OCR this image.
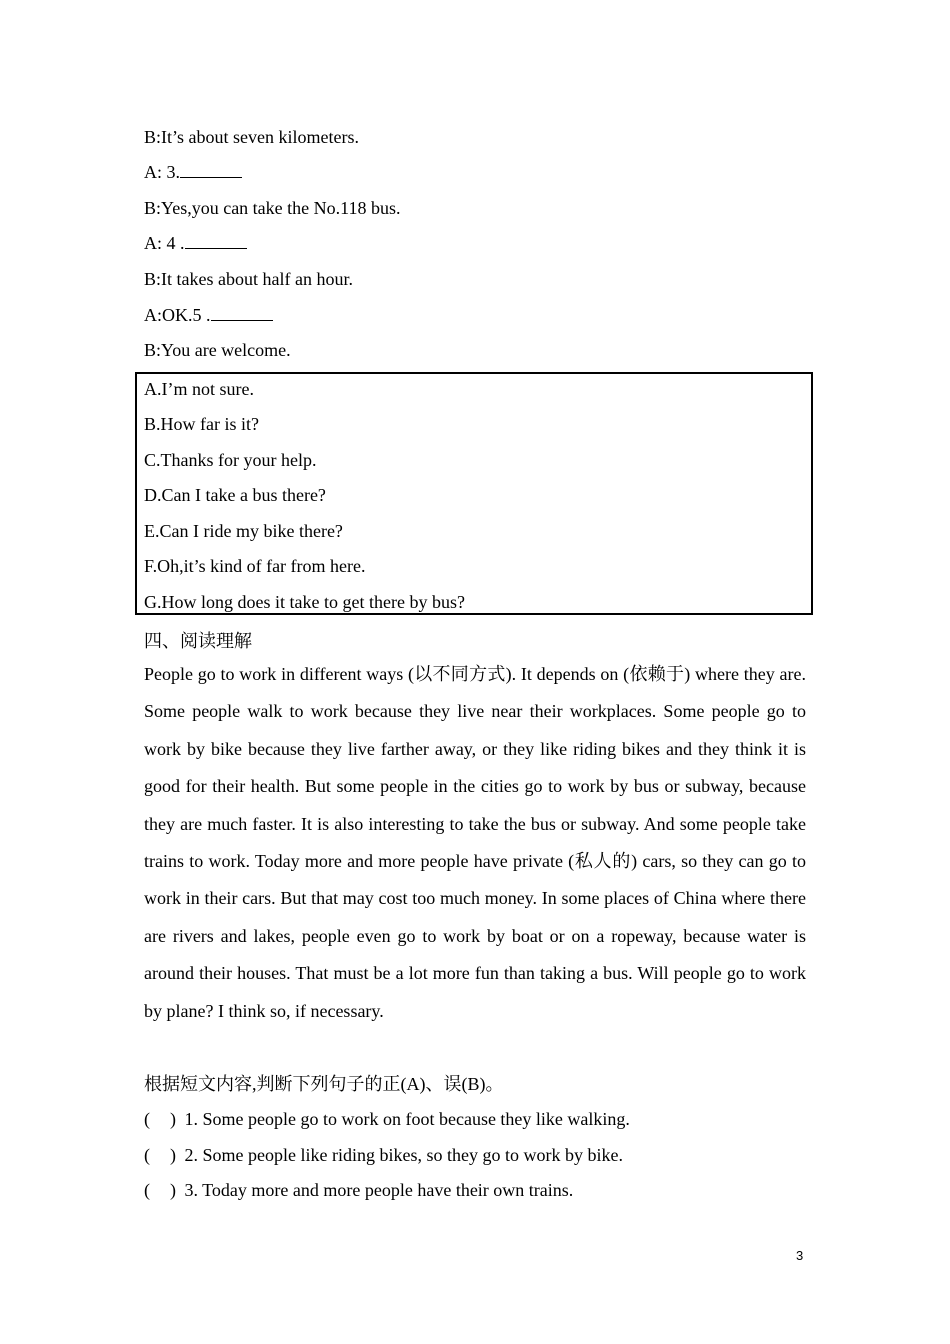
B:It’s about seven kilometers.
A: 3.
B:Yes,you can take the No.118 bus.
A: 4 .
B:It takes about half an hour.
A:OK.5 .
B:You are welcome.
A.I’m not sure.
B.How far is it?
C.Thanks for your help.
D.Can I take a bus there?
E.Can I ride my bike there?
F.Oh,it’s kind of far from here.
G.How long does it take to get there by bus?
四、阅读理解

People go to work in different ways (以不同方式). It depends on (依赖于) where they are. Some people walk to work because they live near their workplaces. Some people go to work by bike because they live farther away, or they like riding bikes and they think it is good for their health. But some people in the cities go to work by bus or subway, because they are much faster. It is also interesting to take the bus or subway. And some people take trains to work. Today more and more people have private (私人的) cars, so they can go to work in their cars. But that may cost too much money. In some places of China where there are rivers and lakes, people even go to work by boat or on a ropeway, because water is around their houses. That must be a lot more fun than taking a bus. Will people go to work by plane? I think so, if necessary.

根据短文内容,判断下列句子的正(A)、误(B)。
( ) 1. Some people go to work on foot because they like walking.
( ) 2. Some people like riding bikes, so they go to work by bike.
( ) 3. Today more and more people have their own trains.
3
